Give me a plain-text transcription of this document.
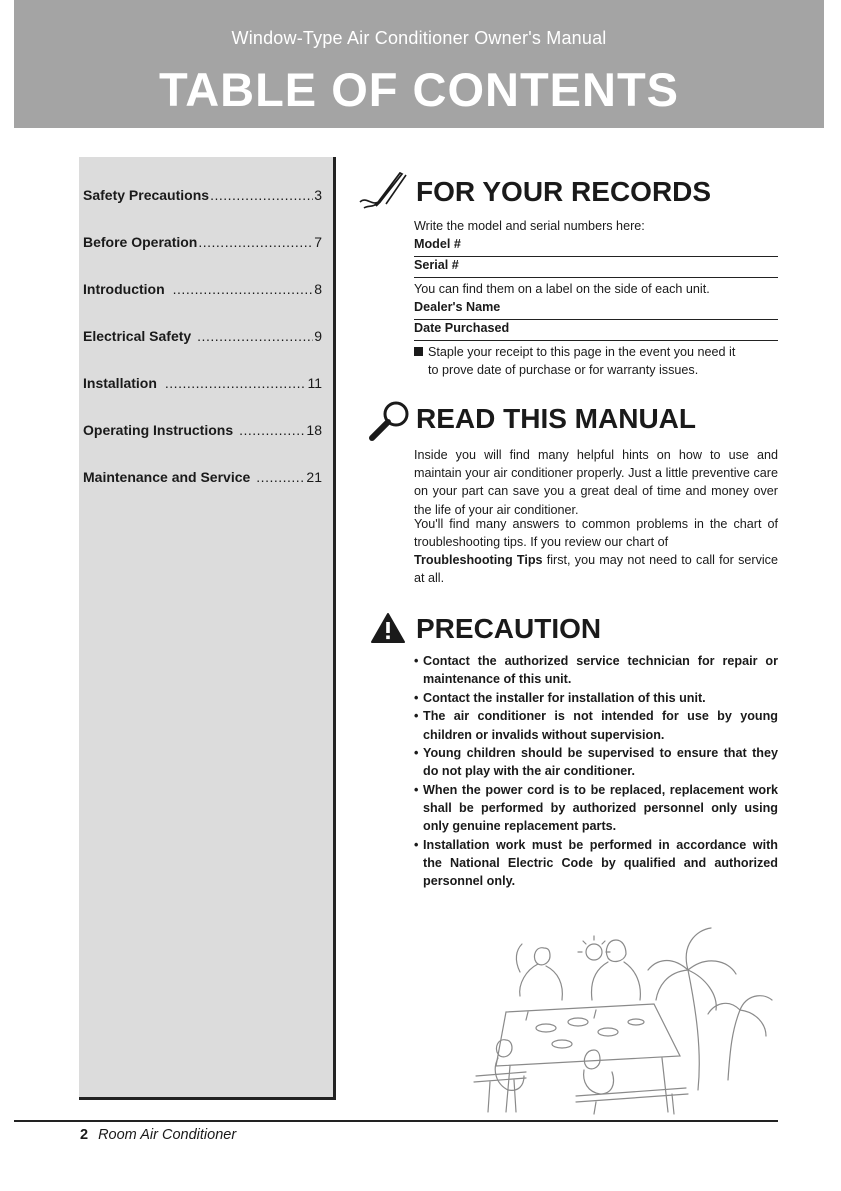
Window-Type Air Conditioner Owner's Manual
TABLE OF CONTENTS
Safety Precautions .....	3
Before Operation .....	7
Introduction .....	8
Electrical Safety .....	9
Installation .....	11
Operating Instructions .....	18
Maintenance and Service .....	21
FOR YOUR RECORDS
Write the model and serial numbers here:
Model #
Serial #
You can find them on a label on the side of each unit.
Dealer's Name
Date Purchased
Staple your receipt to this page in the event you need it
to prove date of purchase or for warranty issues.
READ THIS MANUAL
Inside you will find many helpful hints on how to use and maintain your air conditioner properly. Just a little preventive care on your part can save you a great deal of time and money over the life of your air conditioner.
You'll find many answers to common problems in the chart of troubleshooting tips. If you review our chart of
Troubleshooting Tips first, you may not need to call for service at all.
PRECAUTION
• Contact the authorized service technician for repair or maintenance of this unit.
• Contact the installer for installation of this unit.
• The air conditioner is not intended for use by young children or invalids without supervision.
• Young children should be supervised to ensure that they do not play with the air conditioner.
• When the power cord is to be replaced, replacement work shall be performed by authorized personnel only using only genuine replacement parts.
• Installation work must be performed in accordance with the National Electric Code by qualified and authorized personnel only.
2 Room Air Conditioner
